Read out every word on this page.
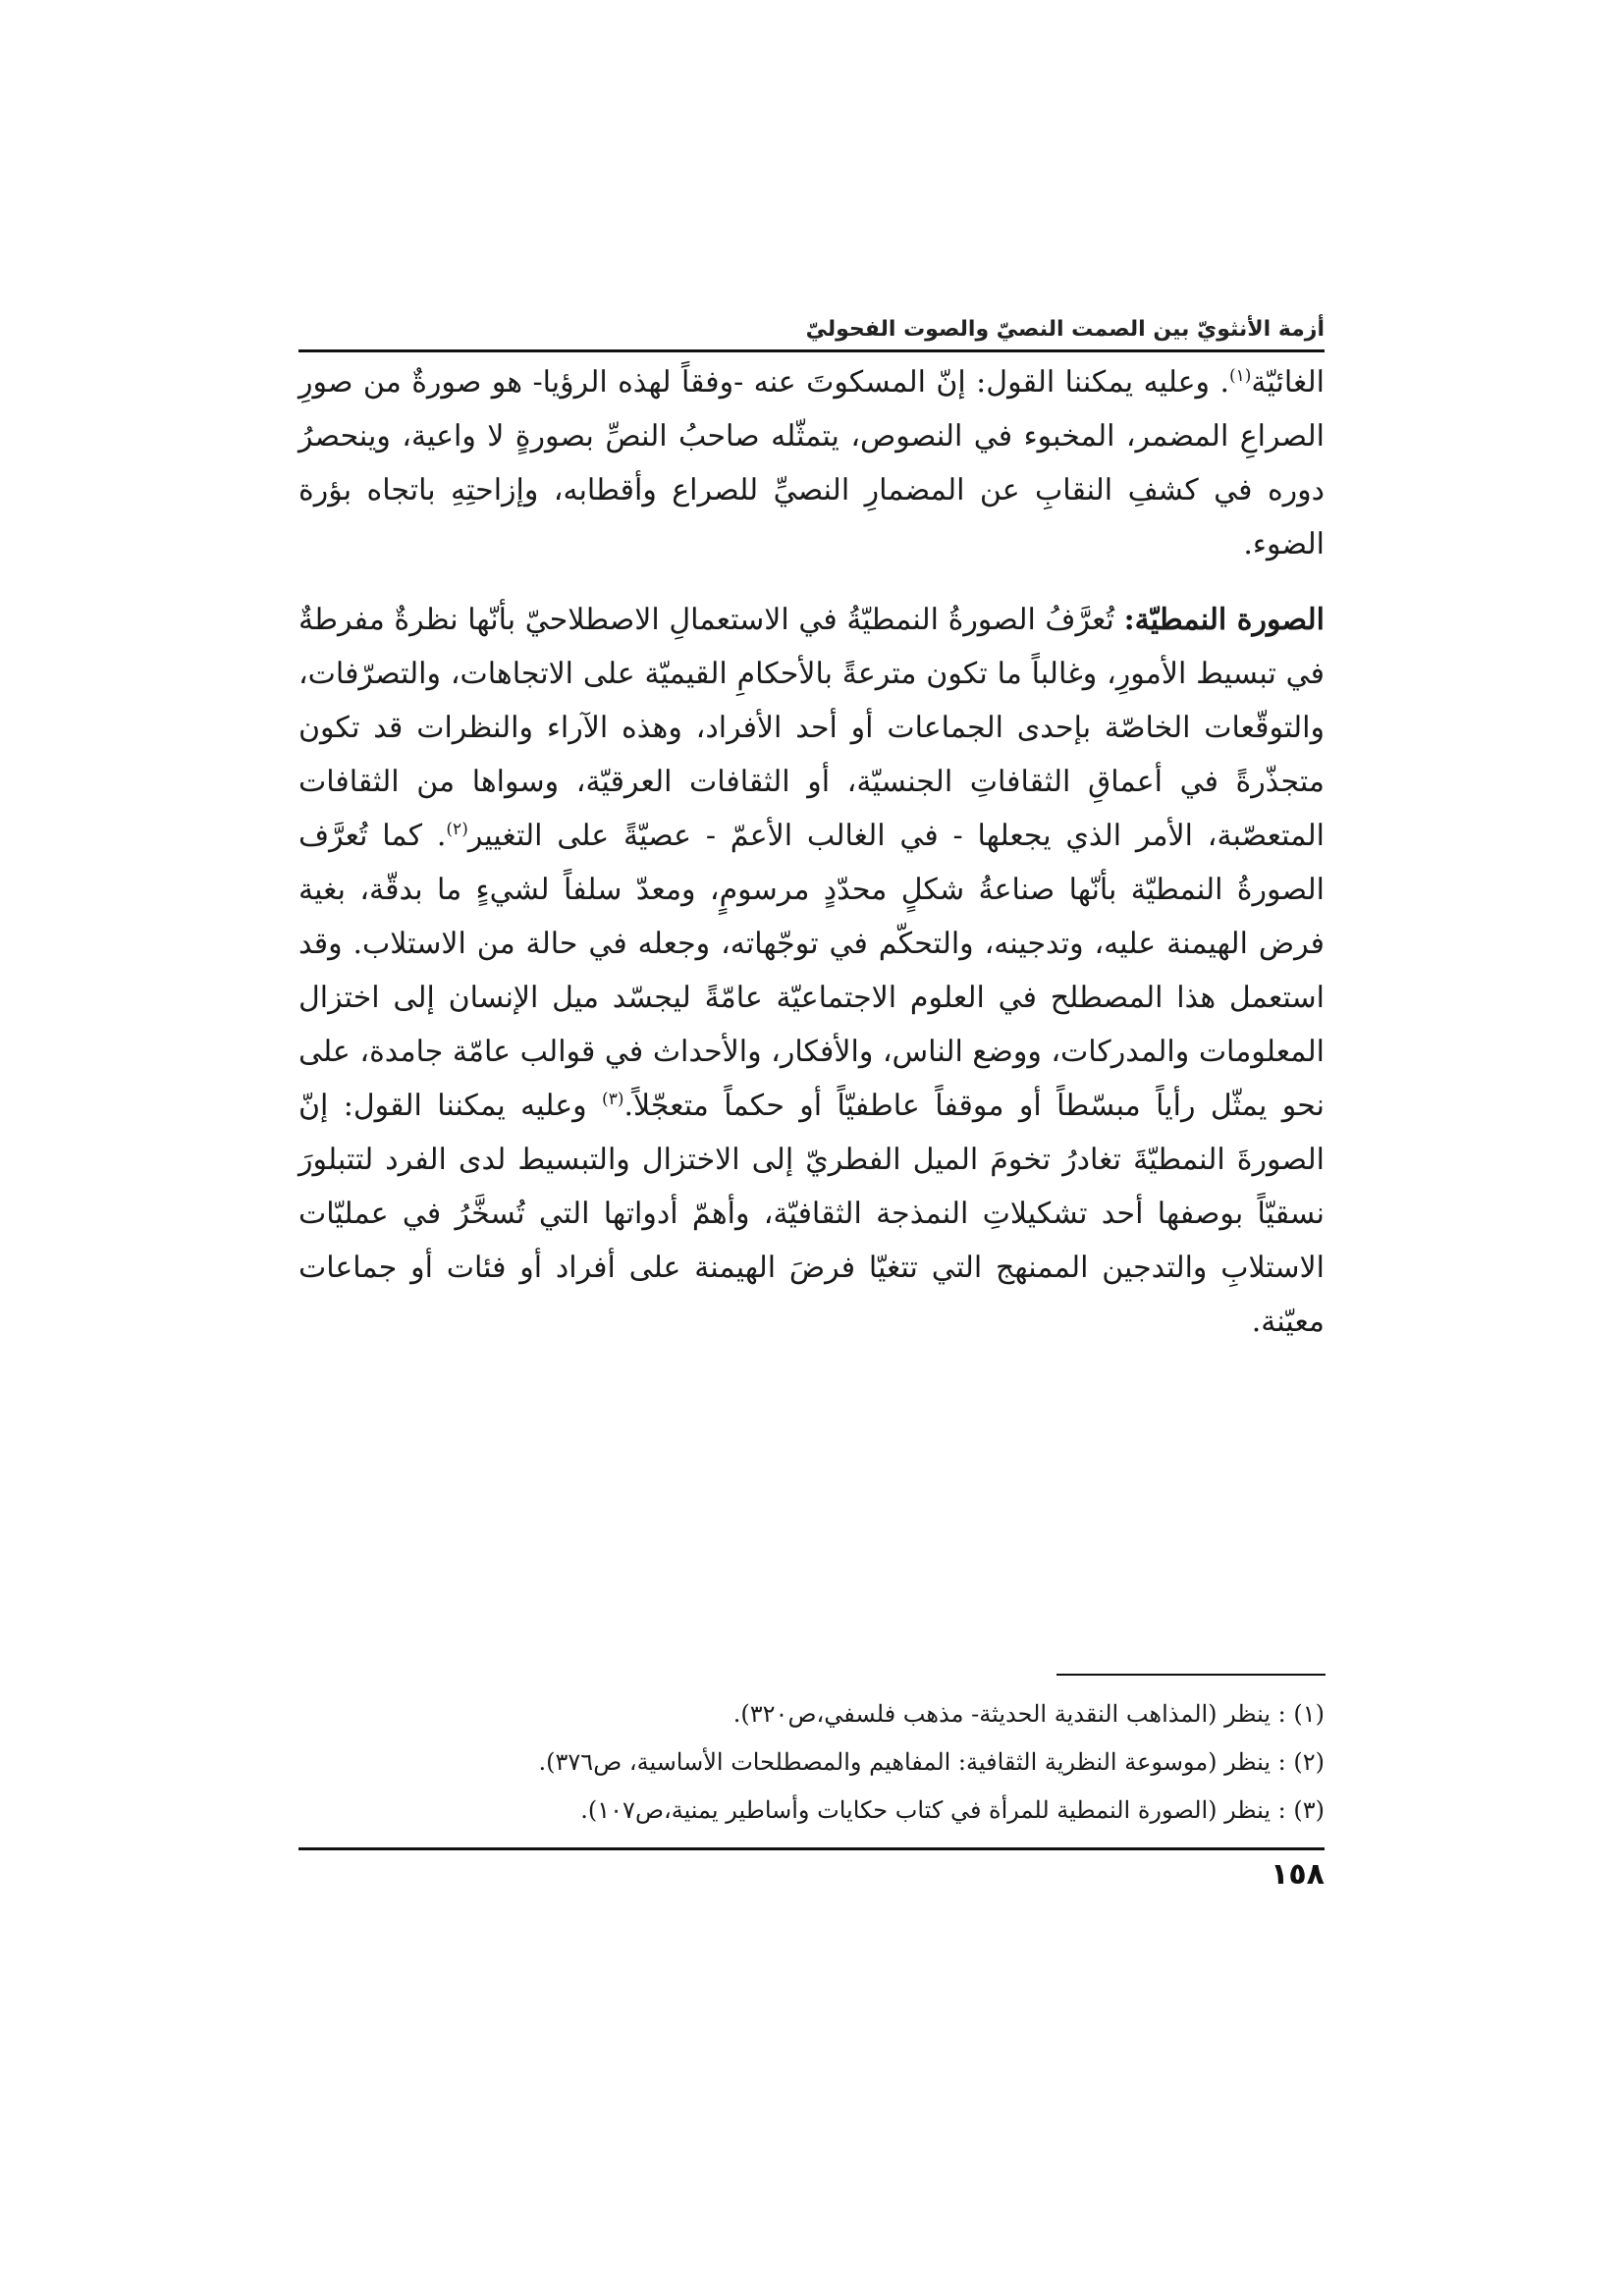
أزمة الأنثويّ بين الصمت النصيّ والصوت الفحوليّ

الغائيّة$^{(١)}$. وعليه يمكننا القول: إنّ المسكوتَ عنه -وفقاً لهذه الرؤيا- هو صورةٌ من صورِ الصراعِ المضمر، المخبوء في النصوص، يتمثّله صاحبُ النصِّ بصورةٍ لا واعية، وينحصرُ دوره في كشفِ النقابِ عن المضمارِ النصيِّ للصراع وأقطابه، وإزاحتِهِ باتجاه بؤرة الضوء.

الصورة النمطيّة: تُعرَّفُ الصورةُ النمطيّةُ في الاستعمالِ الاصطلاحيّ بأنّها نظرةٌ مفرطةٌ في تبسيط الأمورِ، وغالباً ما تكون مترعةً بالأحكامِ القيميّة على الاتجاهات، والتصرّفات، والتوقّعات الخاصّة بإحدى الجماعات أو أحد الأفراد، وهذه الآراء والنظرات قد تكون متجذّرةً في أعماقِ الثقافاتِ الجنسيّة، أو الثقافات العرقيّة، وسواها من الثقافات المتعصّبة، الأمر الذي يجعلها - في الغالب الأعمّ - عصيّةً على التغيير$^{(٢)}$. كما تُعرَّف الصورةُ النمطيّة بأنّها صناعةُ شكلٍ محدّدٍ مرسومٍ، ومعدّ سلفاً لشيءٍ ما بدقّة، بغية فرض الهيمنة عليه، وتدجينه، والتحكّم في توجّهاته، وجعله في حالة من الاستلاب. وقد استعمل هذا المصطلح في العلوم الاجتماعيّة عامّةً ليجسّد ميل الإنسان إلى اختزال المعلومات والمدركات، ووضع الناس، والأفكار، والأحداث في قوالب عامّة جامدة، على نحو يمثّل رأياً مبسّطاً أو موقفاً عاطفيّاً أو حكماً متعجّلاً.$^{(٣)}$ وعليه يمكننا القول: إنّ الصورةَ النمطيّةَ تغادرُ تخومَ الميل الفطريّ إلى الاختزال والتبسيط لدى الفرد لتتبلورَ نسقيّاً بوصفها أحد تشكيلاتِ النمذجة الثقافيّة، وأهمّ أدواتها التي تُسخَّرُ في عمليّات الاستلابِ والتدجين الممنهج التي تتغيّا فرضَ الهيمنة على أفراد أو فئات أو جماعات معيّنة.

(١) : ينظر (المذاهب النقدية الحديثة- مذهب فلسفي،ص٣٢٠).

(٢) : ينظر (موسوعة النظرية الثقافية: المفاهيم والمصطلحات الأساسية، ص٣٧٦).

(٣) : ينظر (الصورة النمطية للمرأة في كتاب حكايات وأساطير يمنية،ص١٠٧).

١٥٨
